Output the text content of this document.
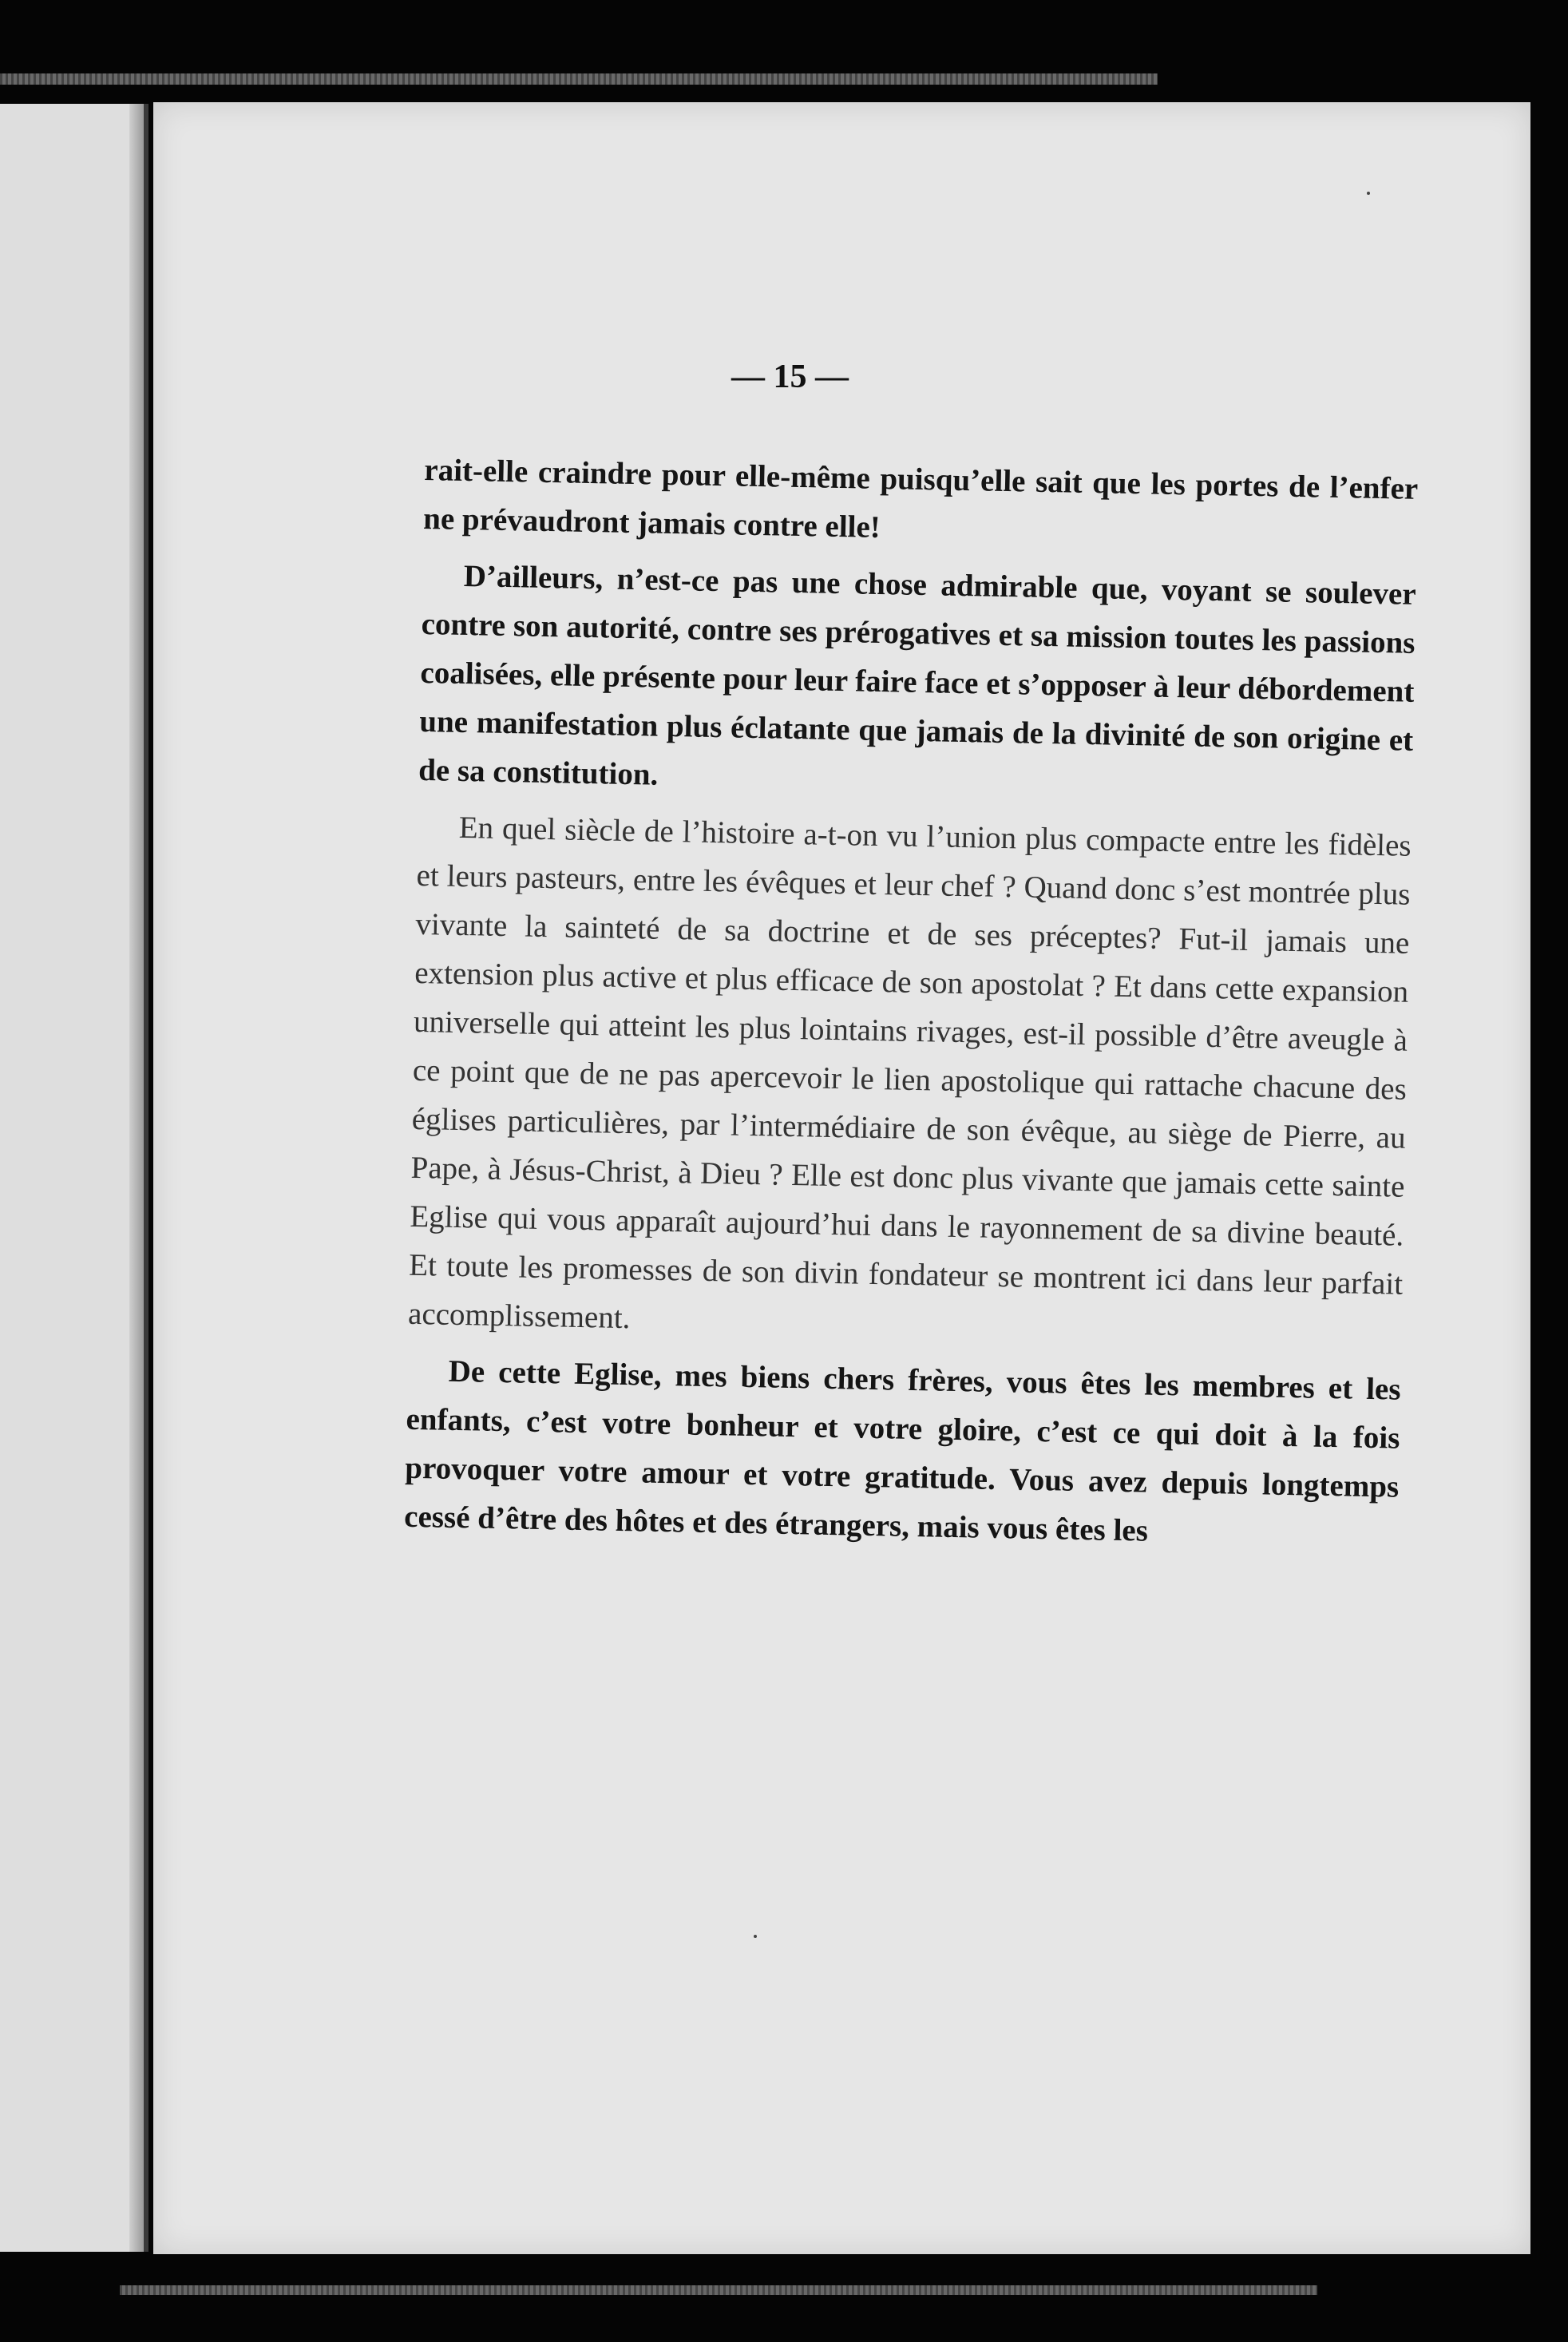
— 15 —

rait-elle craindre pour elle-même puisqu’elle sait que les portes de l’enfer ne prévaudront jamais contre elle!

D’ailleurs, n’est-ce pas une chose admirable que, voyant se soulever contre son autorité, contre ses prérogatives et sa mission toutes les passions coalisées, elle présente pour leur faire face et s’opposer à leur débordement une manifestation plus éclatante que jamais de la divinité de son origine et de sa constitution.

En quel siècle de l’histoire a-t-on vu l’union plus compacte entre les fidèles et leurs pasteurs, entre les évêques et leur chef ? Quand donc s’est montrée plus vivante la sainteté de sa doctrine et de ses préceptes? Fut-il jamais une extension plus active et plus efficace de son apostolat ? Et dans cette expansion universelle qui atteint les plus lointains rivages, est-il possible d’être aveugle à ce point que de ne pas apercevoir le lien apostolique qui rattache chacune des églises particulières, par l’intermédiaire de son évêque, au siège de Pierre, au Pape, à Jésus-Christ, à Dieu ? Elle est donc plus vivante que jamais cette sainte Eglise qui vous apparaît aujourd’hui dans le rayonnement de sa divine beauté. Et toute les promesses de son divin fondateur se montrent ici dans leur parfait accomplissement.

De cette Eglise, mes biens chers frères, vous êtes les membres et les enfants, c’est votre bonheur et votre gloire, c’est ce qui doit à la fois provoquer votre amour et votre gratitude. Vous avez depuis longtemps cessé d’être des hôtes et des étrangers, mais vous êtes les
